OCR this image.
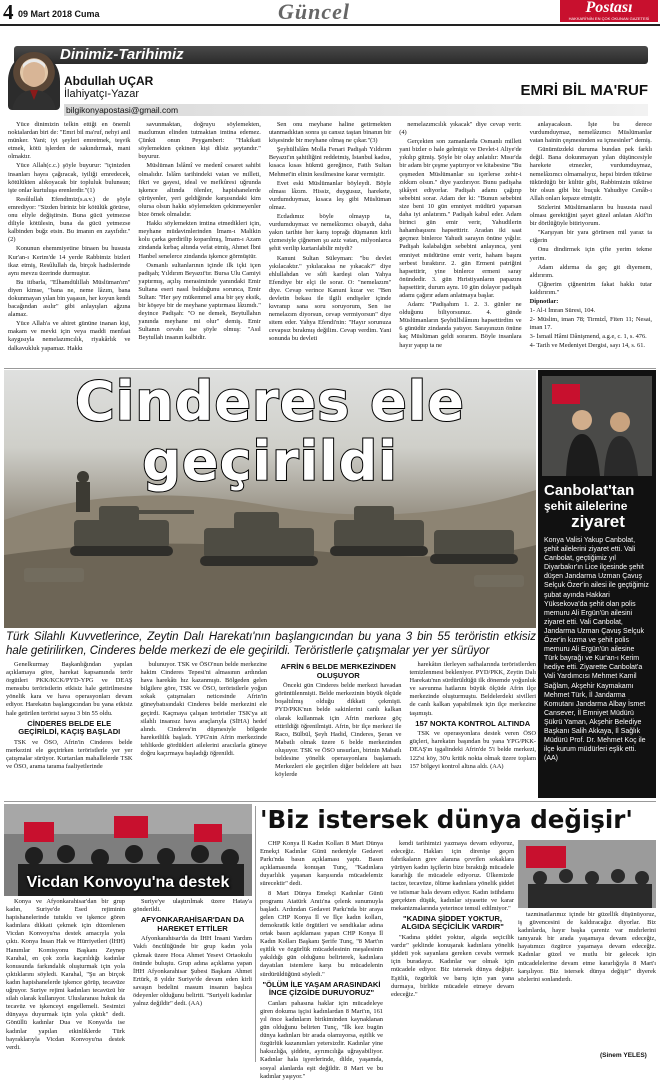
4 09 Mart 2018 Cuma	Güncel	Postası
HAKKARİ'NİN EN ÇOK OKUNAN GAZETESİ
Dinimiz-Tarihimiz
Abdullah UÇAR
İlahiyatçı-Yazar
bilgikonyapostasi@gmail.com
EMRİ BİL MA'RUF

Yüce dinimizin telkin ettiği en önemli noktalardan biri de: "Emri bil ma'ruf, nehyi anil münker. Yani; iyi şeyleri emretmek, teşvik etmek, kötü işlerden de sakındırmak, mani olmaktır.

Yüce Allah(c.c.) şöyle buyurur: "içinizden insanları hayra çağıracak, iyiliği emredecek, kötülükten alıkoyacak bir topluluk bulunsun; işte onlar kurtuluşa erenlerdir."(1)

Resûlullah Efendimiz(s.a.v.) de şöyle emrediyor: "Sizden biriniz bir kötülük görürse, onu eliyle değiştirsin. Buna gücü yetmezse diliyle kötülesin, buna da gücü yetmezse kalbinden buğz etsin. Bu imanın en zayıfıdır."(2)

Konunun ehemmiyetine binaen bu hususta Kur'an-ı Kerim'de 14 yerde Rabbimiz bizleri ikaz etmiş, Resûlullah da, birçok hadislerinde aynı mevzu üzerinde durmuştur.

Bu itibarla, "Elhamdülillah Müslüman'ım" diyen kimse, "bana ne, neme lâzım, bana dokunmayan yılan bin yaşasın, her koyun kendi bacağından asılır" gibi anlayışları ağzına alamaz.

Yüce Allah'a ve ahiret gününe inanan kişi, makam ve mevki için veya maddi menfaat kaygısıyla nemelazımcılık, riyakârlık ve dalkavukluk yapamaz. Hakkı

savunmaktan, doğruyu söylemekten, mazlumun elinden tutmaktan imtina edemez. Çünkü onun Peygamberi: "Hakikati söylemekten çekinen kişi dilsiz şeytandır." buyurur.

Müslüman İslâmî ve medenî cesaret sahibi olmalıdır. İslâm tarihindeki vatan ve milleti, fikri ve gayesi, ideal ve mefkûresi uğrunda işkence altında ölenler, hapishanelerde çürüyenler, yeri geldiğinde karşısındaki kim olursa olsun hakkı söylemekten çekinmeyenler bize örnek olmalıdır.

Hakkı söylemekten imtina etmedikleri için, meyhane müdavimlerinden İmam-ı Malikin kolu çarka gerdirilip koparılmış, İmam-ı Azam zindanda kırbaç altında vefat etmiş, Ahmet İbni Hanbel senelerce zindanda işkence görmüştür.

Osmanlı sultanlarının içinde ilk içki içen padişah; Yıldırım Beyazıt'tır. Bursa Ulu Camiyi yaptırmış, açılış merasiminde yanındaki Emir Sultana eseri nasıl bulduğunu sorunca, Emir Sultan: "Her şey mükemmel ama bir şey eksik, bir köşeye bir de meyhane yaptırması lâzımdı." deyince Padişah: "O ne demek, Beytullahın yanında meyhane mi olur" demiş. Emir Sultanın cevabı ise şöyle olmuş: "Asıl Beytullah insanın kalbidir.

Sen onu meyhane haline getirmekten utanmadıktan sonra şu cansız taştan binanın bir köşesinde bir meyhane olmaş ne çıkar."(3)

Şeyhülİslâm Molla Fenari Padişah Yıldırım Beyazıt'ın şahitliğini reddetmiş, İstanbul kadısı, kısaca kısas hükmü gereğince, Fatih Sultan Mehmet'in elinin kesilmesine karar vermiştir.

Evet eski Müslümanlar böyleydi. Böyle olması lâzım. Hissiz, duygusuz, harekete, vurdumduymaz, kısaca leş gibi Müslüman olmaz.

Ecdadımız böyle olmayıp ta, vurdumduymaz ve nemelâzımcı olsaydı, daha yakın tarihte her karış toprağı düşmanın kirli çizmesiyle çiğnenen şu aziz vatan, milyonlarca şehit verilip kurtarılabilir miydi?

Kanuni Sultan Süleyman: "bu devlet yıkılacaktır." yıkılacaksa ne yıkacak?" diye ehlullahdan ve sûfi kardeşi olan Yahya Efendiye bir elçi ile sorar. O: "nemelazım" diye. Cevap verince Kanuni kızar ve: "Ben devletin bekası ile ilgili endişeler içinde kıvranıp sana soru soruyorum, Sen ise nemelazım diyorsun, cevap vermiyorsun" diye sitem eder. Yahya Efendi'nin: "Hayır sorunuza cevapsız bırakmış değilim. Cevap verdim. Yani sonunda bu devleti

nemelazımcılık yıkacak" diye cevap verir.(4)

Gerçekten son zamanlarda Osmanlı milleti yani bizler o hale gelmişiz ve Devlet-i Aliye'de yıkılıp gitmiş. Şöyle bir olay anlatılır: Mısır'da bir adam bir çeşme yaptırıyor ve kitabesine "Bu çeşmeden Müslümanlar su içerlerse zehir-i zıkkım olsun." diye yazdırıyor. Bunu padişaha şikâyet ediyorlar. Padişah adamı çağırıp sebebini sorar. Adam der ki: "Bunun sebebini size beni 10 gün emniyet müdürü yaparsan daha iyi anlatırım." Padişah kabul eder. Adam birinci gün emir verir, Yahudilerin hahambaşısını hapsettirir. Aradan iki saat geçmez binlerce Yahudi sarayın önüne yığılır. Padişah kalabalığın sebebini anlayınca, yeni emniyet müdürüne emir verir, haham başını serbest bıraktırır. 2. gün Ermeni patriğini hapsettirir, yine binlerce ermeni saray önündedir. 3. gün Hıristiyanların papazını hapsettirir, durum aynı. 10 gün dolayor padişah adamı çağırır adam anlatmaya başlar.

Adam: "Padişahım 1. 2. 3. günler ne olduğunu biliyorsunuz. 4. günde Müslümanların Şeyhülİslâmını hapsettirdim ve 6 günüdür zindanda yatıyor. Sarayınızın önüne kaç Müslüman geldi sorarım. Böyle insanlara hayır yapıp ta ne

anlayacaksın. İşte bu derece vurdumduymaz, nemelâzımcı Müslümanlar vatan hainin çeşmesinden su içmesinler" demiş.

Günümüzdeki duruma bundan pek farklı değil. Bana dokunmayan yılan düşüncesiyle harekete etmezler, vurdumduymaz, nemelâzımcı olmamalıyız, hepsi birden tükürse tükürdüğü bir kültür gibi, Rabbimizin tükürse bir olsun gibi biz buçuk Yahudiye Cenâb-ı Allah onları kepaze etmiştir.

Sözlerini Müslümanların bu hususta nasıl olması gerektiğini şayet güzel anlatan Akif'in bir dörtlüğüyle bitiriyorum.

"Karşıyan bir yara görürsen mil yaraz ta ciğerin

Onu dindirmek için çifte yerim tekme yerim.

Adam aldırma da geç git diyemem, aldırırım.

Çiğnerim çiğnenirim fakat hakkı tutar kaldırırım."

Dipnotlar:

1- Al-i İmran Süresi, 104.

2- Müslim, iman 78; Tirmizî, Fiten 11; Nesai, iman 17.

3- İsmail Hâmi Dânişmend, a.g.e, c. 1, s. 476.

4- Tarih ve Medeniyet Dergisi, sayı 14, s. 61.

Cinderes ele geçirildi	Canbolat'tan
şehit ailelerine
ziyaret
Konya Valisi Yakup Canbolat, şehit ailelerini ziyaret etti. Vali Canbolat, geçtiğimiz yıl Diyarbakır'ın Lice ilçesinde şehit düşen Jandarma Uzman Çavuş Selçuk Özer'in ailesi ile geçtiğimiz şubat ayında Hakkari Yüksekova'da şehit olan polis memuru Ali Ergün'ün ailesini ziyaret etti. Vali Canbolat, Jandarma Uzman Çavuş Selçuk Özer'in kızma ve şehit polis memuru Ali Ergün'ün ailesine Türk bayrağı ve Kur'an-ı Kerim hediye etti. Ziyarette Canbolat'a Vali Yardımcısı Mehmet Kamil Sağlam, Akşehir Kaymakamı Mehmet Türk, İl Jandarma Komutanı Jandarma Albay İsmet Cansever, İl Emniyet Müdürü Şükrü Yaman, Akşehir Belediye Başkanı Salih Akkaya, İl Sağlık Müdürü Prof. Dr. Mehmet Koç ile ilçe kurum müdürleri eşlik etti. (AA)
Türk Silahlı Kuvvetlerince, Zeytin Dalı Harekatı'nın başlangıcından bu yana 3 bin 55 teröristin etkisiz hale getirilirken, Cinderes belde merkezi de ele geçirildi. Teröristlerle çatışmalar yer yer sürüyor

Genelkurmay Başkanlığından yapılan açıklamaya göre, harekat kapsamında terör örgütleri PKK/KCK/PYD-YPG ve DEAŞ mensubu teröristlerin etkisiz hale getirilmesine yönelik kara ve hava operasyonları devam ediyor. Harekatın başlangıcından bu yana etkisiz hale getirilen terörist sayısı 3 bin 55 oldu.

CİNDERES BELDE ELE GEÇİRİLDİ, KAÇIŞ BAŞLADI

TSK ve ÖSO, Afrin'in Cinderes belde merkezini ele geçirirken teröristlerle yer yer çatışmalar sürüyor. Kurtarılan mahallelerde TSK ve ÖSO, arama tarama faaliyetlerinde

bulunuyor. TSK ve ÖSO'nun belde merkezine hakim Cinderes Tepesi'ni almasının ardından hava harekâtı hız kazanmıştı. Bölgeden gelen bilgilere göre, TSK ve ÖSO, teröristlerle yoğun sokak çatışmaları neticesinde Afrin'in güneybatısındaki Cinderes belde merkezini ele geçirdi. Kaçmaya çalışan teröristler TSK'ya ait silahlı insansız hava araçlarıyla (SİHA) hedef alındı. Cinderes'in düşmesiyle bölgede hareketlilik başladı. YPG'nin Afrin merkezinde tehlikede gördükleri ailelerini aracılarla güneye doğru kaçırmaya başladığı öğrenildi.

AFRİN 6 BELDE MERKEZİNDEN OLUŞUYOR

Önceki gün Cinderes belde merkezi havadan görüntülenmişti. Belde merkezinin büyük ölçüde boşaltılmış olduğu dikkati çekmişti. PYD/PKK'nın belde sakinlerini canlı kalkan olarak kullanmak için Afrin merkeze göç ettirildiği öğrenilmişti. Afrin, bir ilçe merkezi ile Raco, Bülbül, Şeyh Hadid, Cinderes, Şeran ve Mabatlı olmak üzere 6 belde merkezinden oluşuyor. TSK ve ÖSO unsurları, birinin Mabatlı beldesine yönelik operasyonlara başlamadı. Merkezleri ele geçirilen diğer beldelere ait bazı köylerde

harekâtın ilerleyen safhalarında teröristlerden temizlenmesi bekleniyor. PYD/PKK, Zeytin Dalı Harekatı'nın sürdürüldüğü ilk dönemde yoğunluk ve savunma hatlarını büyük ölçüde Afrin ilçe merkezinde oluşturmuştu. Beldelerdeki sivilleri de canlı kalkan yapabilmek için ilçe merkezine taşımıştı.

157 NOKTA KONTROL ALTINDA

TSK ve operasyonlara destek veren ÖSO güçleri, harekatın başından bu yana YPG/PKK-DEAŞ'ın işgalindeki Afrin'de 5'i belde merkezi, 122'si köy, 30'u kritik nokta olmak üzere toplam 157 bölgeyi kontrol altına aldı. (AA)

Vicdan Konvoyu'na destek

Konya ve Afyonkarahisar'dan bir grup kadın, Suriye'de Esed rejiminin hapishanelerinde tutuklu ve işkence gören kadınlara dikkati çekmek için düzenlenen Vicdan Konvoyu'na destek amacıyla yola çıktı. Konya İnsan Hak ve Hürriyetleri (İHH) Hanımlar Komisyonu Başkanı Zeynep Karahal, en çok zorla kaçırıldığı kadınlar konusunda farkındalık oluşturmak için yola çıktıklarını söyledi. Karahal, "Şu an birçok kadın hapishanelerde işkence görüp, tecavüze uğruyor. Suriye rejimi kadınları tecavüzü bir silah olarak kullanıyor. Uluslararası hukuk da tecavüz ve işkenceyi engellemeli. Sesimizi dünyaya duyurmak için yola çıktık" dedi. Gönüllü kadınlar Dua ve Konya'da ise kadınlar yapılan etkinliklerde Türk bayraklarıyla Vicdan Konvoyu'na destek verdi.

Suriye'ye ulaştırılmak üzere Hatay'a gönderildi.

AFYONKARAHİSAR'DAN DA HAREKET ETTİLER

Afyonkarahisar'da da İHH İnsani Yardım Vakfı öncülüğünde bir grup kadın yola çıkmak üzere Hoca Ahmet Yesevi Ortaokulu önünde buluştu. Grup adına açıklama yapan İHH Afyonkarahisar Şubesi Başkanı Ahmet Ertürk, 8 yıldır Suriye'de devam eden kirli savaşın bedelini masum insanın başlıca ödeyenler olduğunu belirtti. "Suriyeli kadınlar yalnız değildir" dedi. (AA)

'Biz istersek dünya değişir'

CHP Konya İl Kadın Kolları 8 Mart Dünya Emekçi Kadınlar Günü nedeniyle Gedavet Parkı'nda basın açıklaması yaptı. Basın açıklamasında konuşan Tunç, "Kadınlara duyarlılık yaşanan karşısında mücadelemiz sürecektir" dedi.

8 Mart Dünya Emekçi Kadınlar Günü programı Atatürk Anıtı'na çelenk sunumuyla başladı. Ardından Gedavet Parkı'nda bir araya gelen CHP Konya İl ve İlçe kadın kolları, demokratik kitle örgütleri ve sendikalar adına ortak basın açıklaması yapan CHP Konya İl Kadın Kolları Başkanı Şerife Tunç, "8 Mart'ın eşitlik ve özgürlük mücadelesinin meşalesinin yakıldığı gün olduğunu belirterek, kadınlara dayatılan istemlere karşı bu mücadelenin sürdürüldüğünü söyledi."

"ÖLÜM İLE YAŞAM ARASINDAKİ İNCE ÇİZGİDE DURUYORUZ"

Canları pahasına haklar için mücadeleye giren dokuma işçisi kadınlardan 8 Mart'ın, 161 yıl önce kadınların birikiminden kaynaklanan gün olduğunu belirten Tunç, "İlk kez bugün dünya kadınları bir arada olamıyorsa, eşitlik ve özgürlük kazanımları yetersizdir. Kadınlar yine haksızlığa, şiddete, ayrımcılığa uğrayabiliyor. Kadınlar hala işyerlerinde, dilde, yaşamda, sosyal alanlarda eşit değildir. 8 Mart ve bu kadınlar yaşıyor."

kendi tarihimizi yazmaya devam ediyoruz, edeceğiz. Hakları için direnişe geçen fabrikaların grev alanına çevrilen sokaklara yürüyen kadın işçilerin bize bıraktığı mücadele kararlığı ile mücadele ediyoruz. Ülkemizde tacize, tecavüze, ölüme kadınlara yönelik şiddet ve istismar hala devam ediyor. Kadın istihdamı gerçekten düşük, kadınlar siyasette ve karar mekanizmalarında yeterince temsil edilmiyor."

"KADINA ŞİDDET YOKTUR, ALGIDA SEÇİCİLİK VARDIR"

"Kadına şiddet yoktur, algıda seçicilik vardır" şeklinde konuşarak kadınlara yönelik şiddeti yok sayanlara gereken cevabı vermek için buradayız. Kadınlar var olmak için mücadele ediyor. Biz istersek dünya değişir. Eşitlik, özgürlük ve barış için yan yana durmaya, birlikte mücadele etmeye devam edeceğiz."

tazminatlarımız içinde bir güzellik düşünüyoruz, iş güvencesini de kaldıracağız diyorlar. Biz kadınlarda, hayır başka çareniz var mıdırlerini tanıyarak bir arada yaşamaya devam edeceğiz, hayatımızı özgürce yaşamaya devam edeceğiz. Kadınlar güzel ve mutlu bir gelecek için mücadelelerine devam etme kararlığıyla 8 Mart'ı karşılıyor. Biz istersek dünya değişir" diyerek sözlerini sonlandırdı.
(Sinem YELES)
